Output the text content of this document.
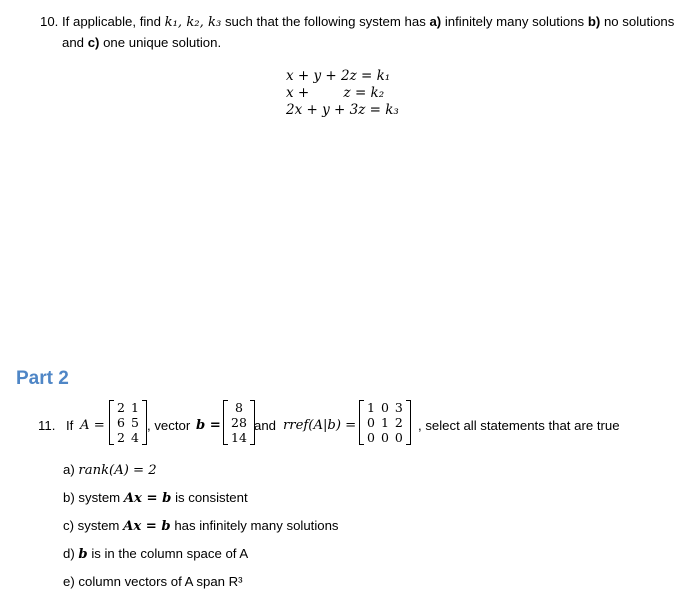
10. If applicable, find k₁, k₂, k₃ such that the following system has a) infinitely many solutions b) no solutions and c) one unique solution.
x + y + 2z = k₁
x +        z = k₂
2x + y + 3z = k₃
Part 2
11. If A =
2 1
6 5
2 4
, vector b =
8
28
14
and rref(A|b) =
1 0 3
0 1 2
0 0 0
, select all statements that are true
a) rank(A) = 2
b) system Ax = b is consistent
c) system Ax = b has infinitely many solutions
d) b is in the column space of A
e) column vectors of A span R³
